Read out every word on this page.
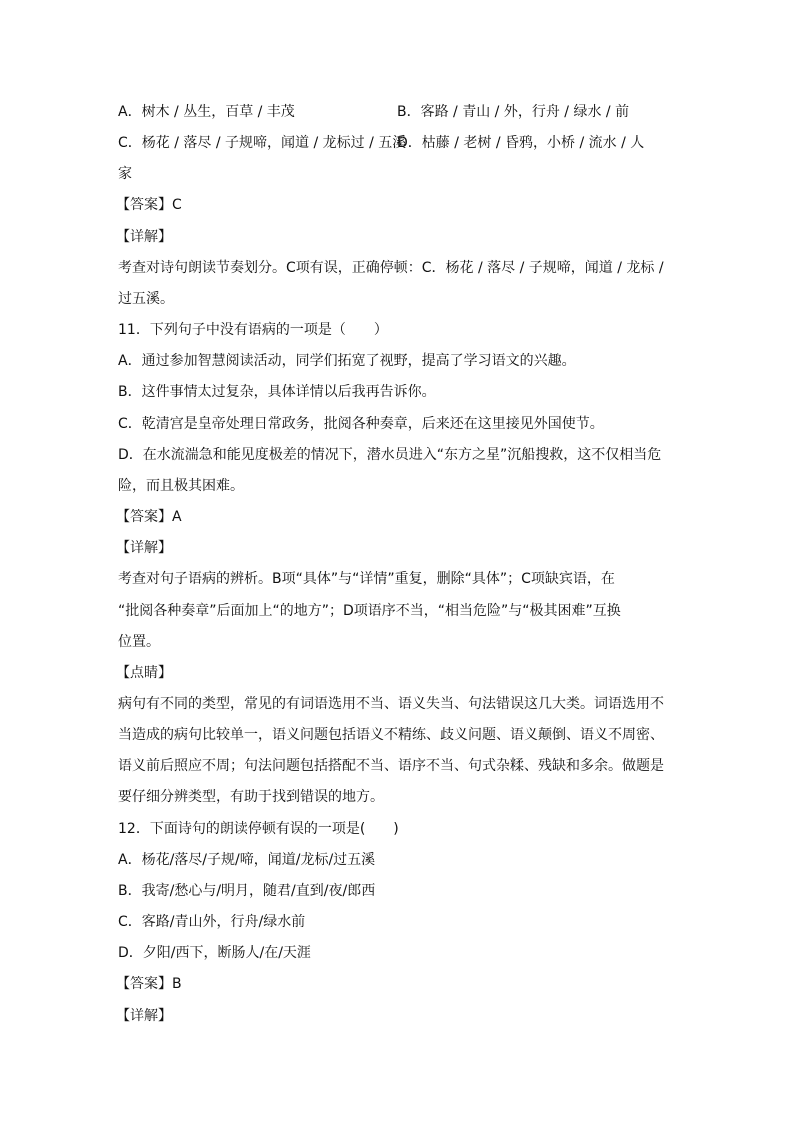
A．树木 / 丛生，百草 / 丰茂	B．客路 / 青山 / 外，行舟 / 绿水 / 前
C．杨花 / 落尽 / 子规啼，闻道 / 龙标过 / 五溪
D．枯藤 / 老树 / 昏鸦，小桥 / 流水 / 人
家
【答案】C
【详解】
考查对诗句朗读节奏划分。C项有误，正确停顿：C．杨花 / 落尽 / 子规啼，闻道 / 龙标 /
过五溪。
11．下列句子中没有语病的一项是（　　）
A．通过参加智慧阅读活动，同学们拓宽了视野，提高了学习语文的兴趣。
B．这件事情太过复杂，具体详情以后我再告诉你。
C．乾清宫是皇帝处理日常政务，批阅各种奏章，后来还在这里接见外国使节。
D．在水流湍急和能见度极差的情况下，潜水员进入“东方之星”沉船搜救，这不仅相当危
险，而且极其困难。
【答案】A
【详解】
考查对句子语病的辨析。B项“具体”与“详情”重复，删除“具体”；C项缺宾语，在
“批阅各种奏章”后面加上“的地方”；D项语序不当，“相当危险”与“极其困难”互换
位置。
【点睛】
病句有不同的类型，常见的有词语选用不当、语义失当、句法错误这几大类。词语选用不
当造成的病句比较单一，语义问题包括语义不精练、歧义问题、语义颠倒、语义不周密、
语义前后照应不周；句法问题包括搭配不当、语序不当、句式杂糅、残缺和多余。做题是
要仔细分辨类型，有助于找到错误的地方。
12．下面诗句的朗读停顿有误的一项是(　　)
A．杨花/落尽/子规/啼，闻道/龙标/过五溪
B．我寄/愁心与/明月，随君/直到/夜/郎西
C．客路/青山外，行舟/绿水前
D．夕阳/西下，断肠人/在/天涯
【答案】B
【详解】
